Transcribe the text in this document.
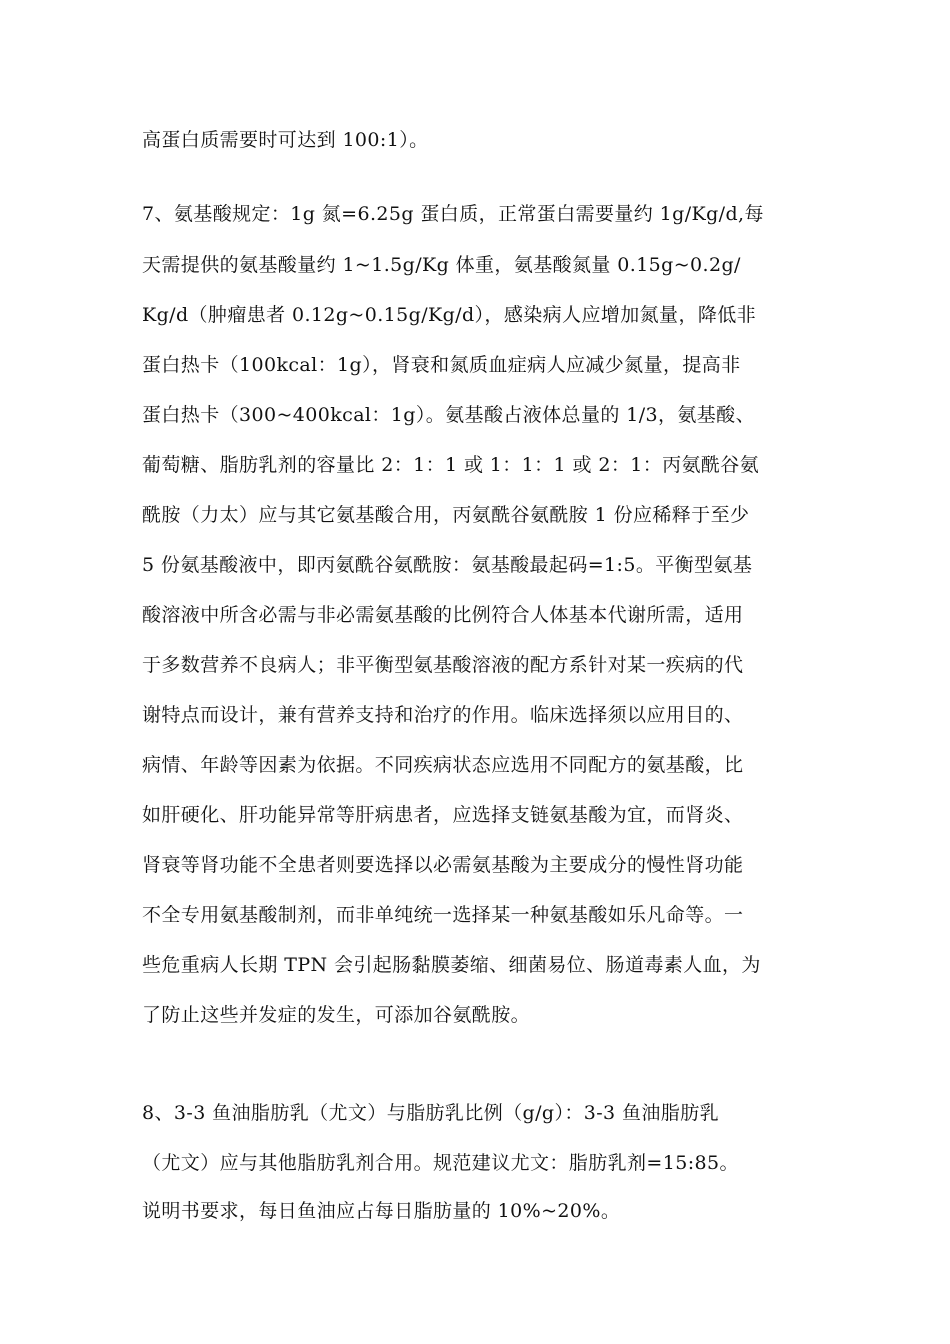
高蛋白质需要时可达到 100:1）。
7、氨基酸规定：1g 氮=6.25g 蛋白质，正常蛋白需要量约 1g/Kg/d,每
天需提供的氨基酸量约 1~1.5g/Kg 体重，氨基酸氮量 0.15g~0.2g/
Kg/d（肿瘤患者 0.12g~0.15g/Kg/d），感染病人应增加氮量，降低非
蛋白热卡（100kcal：1g），肾衰和氮质血症病人应减少氮量，提高非
蛋白热卡（300~400kcal：1g）。氨基酸占液体总量的 1/3，氨基酸、
葡萄糖、脂肪乳剂的容量比 2：1：1 或 1：1：1 或 2：1：丙氨酰谷氨
酰胺（力太）应与其它氨基酸合用，丙氨酰谷氨酰胺 1 份应稀释于至少
5 份氨基酸液中，即丙氨酰谷氨酰胺：氨基酸最起码=1:5。平衡型氨基
酸溶液中所含必需与非必需氨基酸的比例符合人体基本代谢所需，适用
于多数营养不良病人；非平衡型氨基酸溶液的配方系针对某一疾病的代
谢特点而设计，兼有营养支持和治疗的作用。临床选择须以应用目的、
病情、年龄等因素为依据。不同疾病状态应选用不同配方的氨基酸，比
如肝硬化、肝功能异常等肝病患者，应选择支链氨基酸为宜，而肾炎、
肾衰等肾功能不全患者则要选择以必需氨基酸为主要成分的慢性肾功能
不全专用氨基酸制剂，而非单纯统一选择某一种氨基酸如乐凡命等。一
些危重病人长期 TPN 会引起肠黏膜萎缩、细菌易位、肠道毒素人血，为
了防止这些并发症的发生，可添加谷氨酰胺。
8、3-3 鱼油脂肪乳（尤文）与脂肪乳比例（g/g）：3-3 鱼油脂肪乳
（尤文）应与其他脂肪乳剂合用。规范建议尤文：脂肪乳剂=15:85。
说明书要求，每日鱼油应占每日脂肪量的 10%~20%。
